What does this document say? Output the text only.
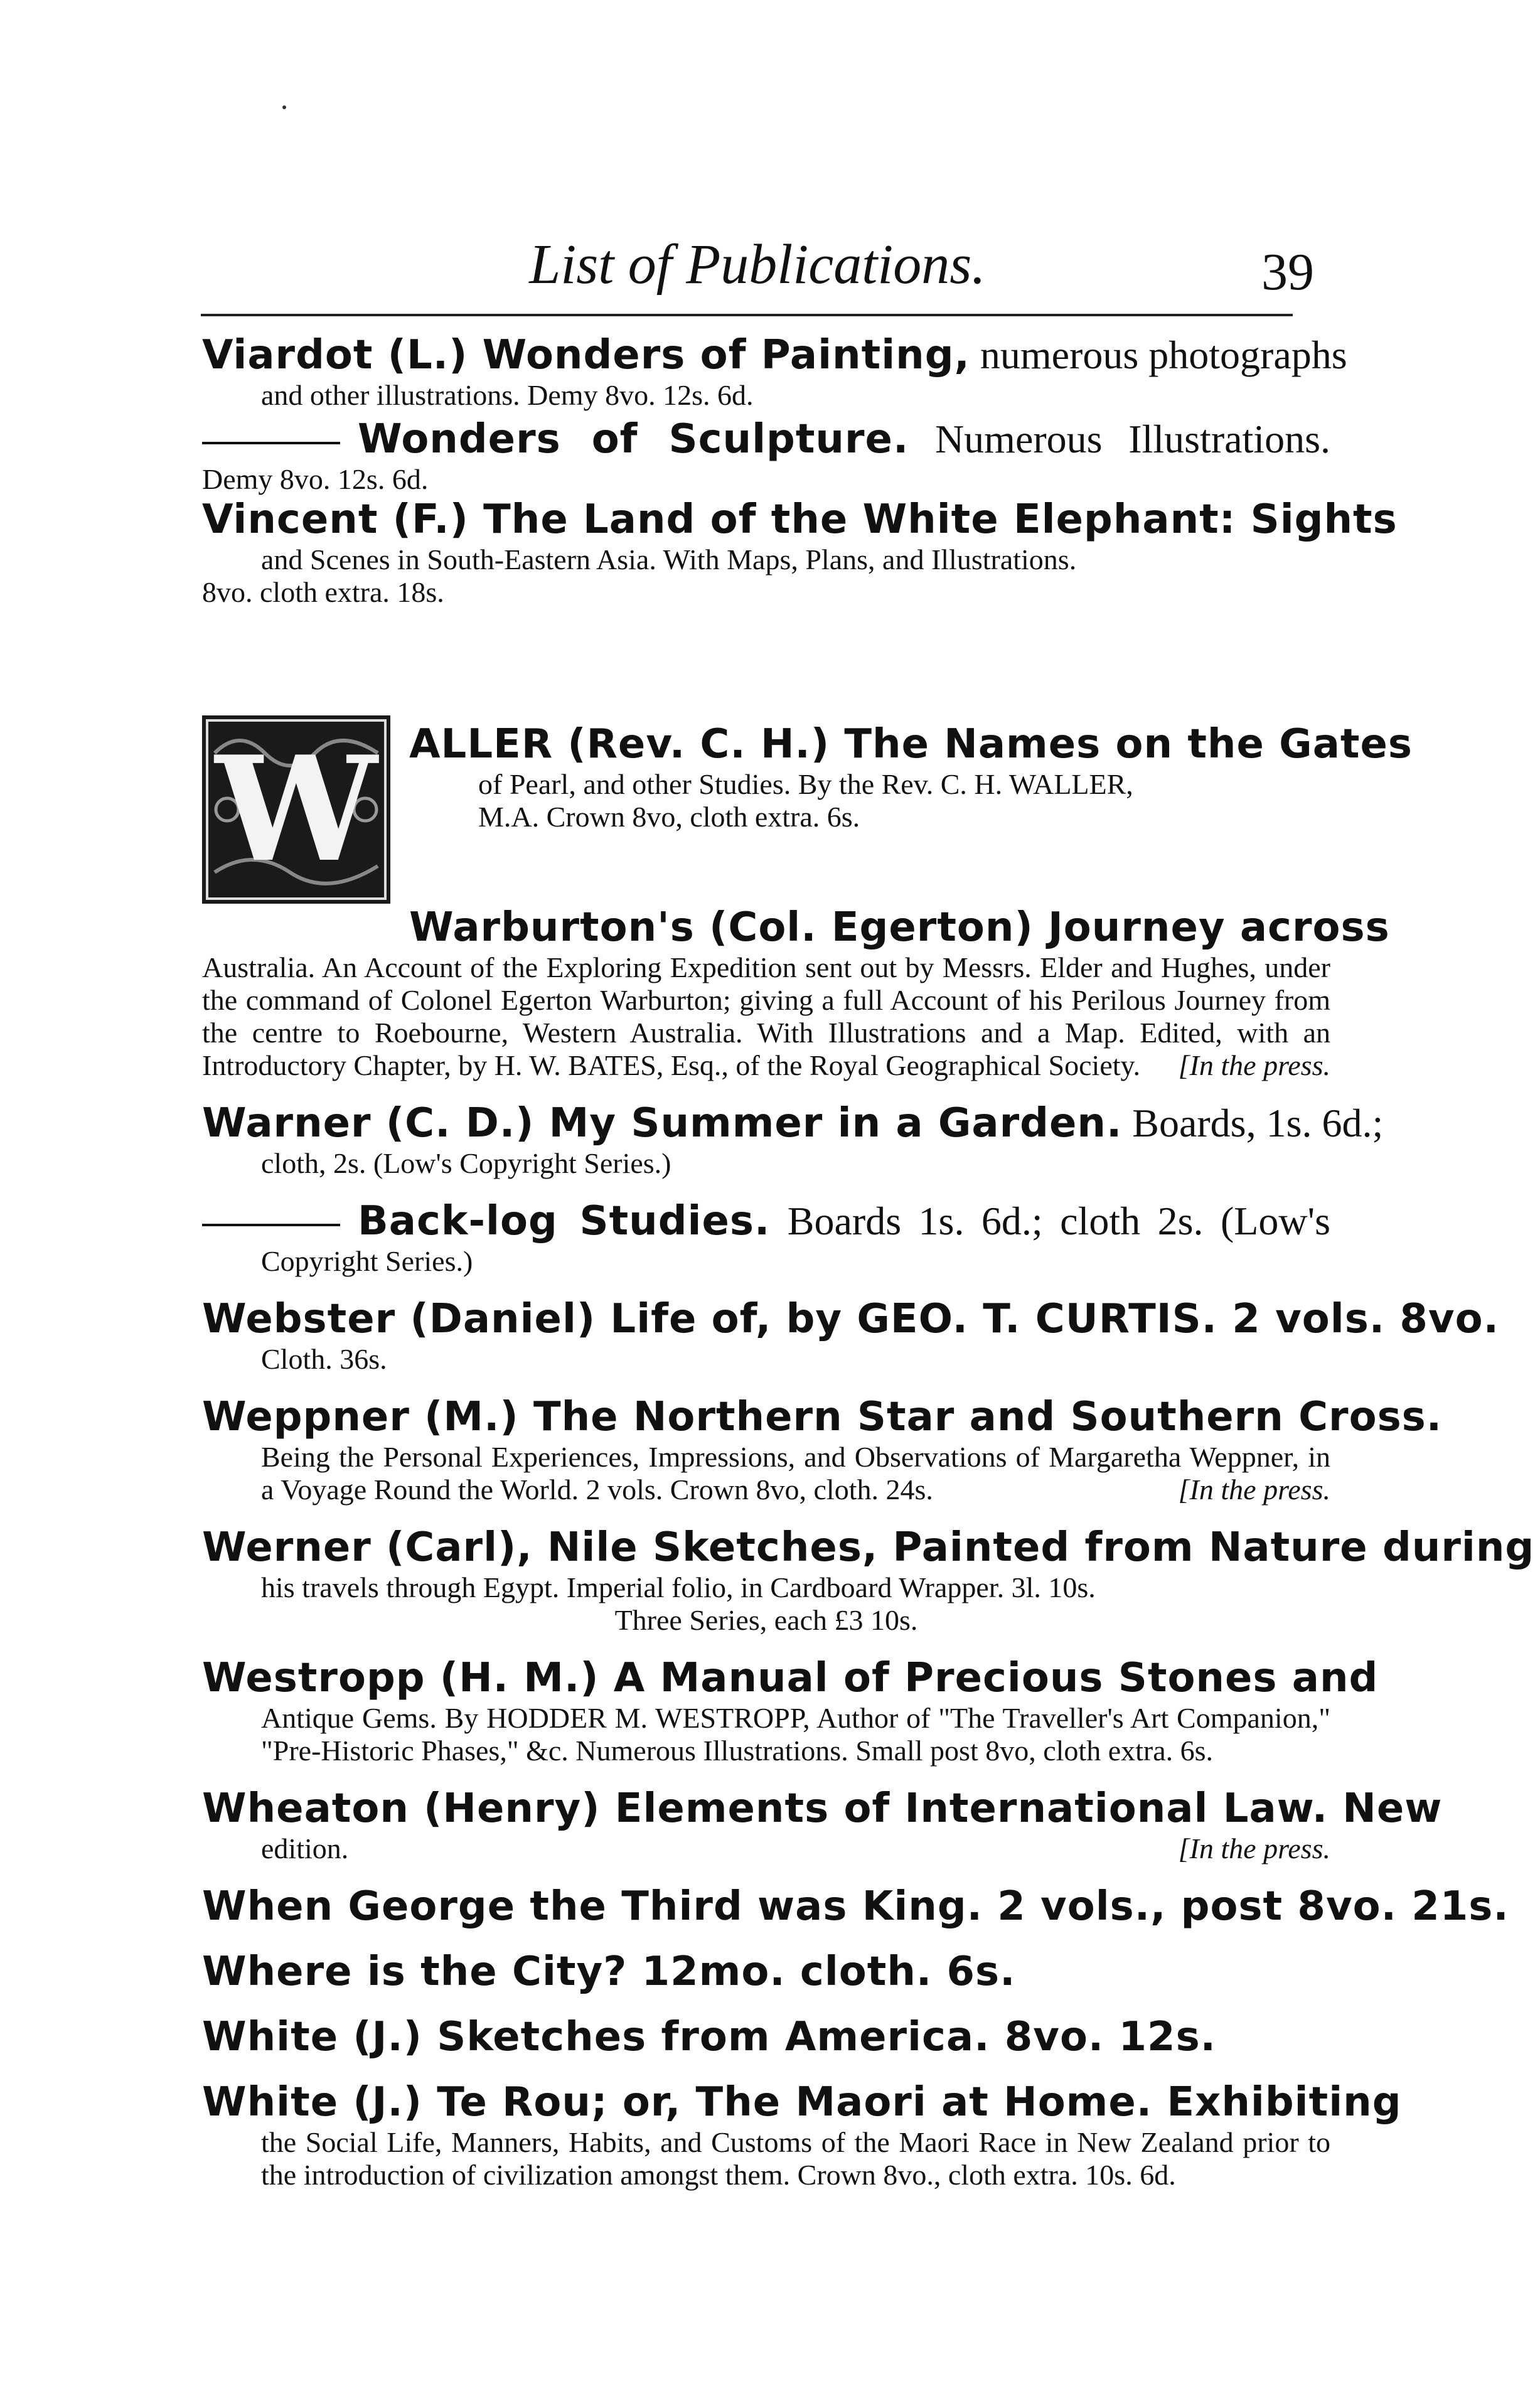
List of Publications.	39
Viardot (L.) Wonders of Painting, numerous photographs
and other illustrations. Demy 8vo. 12s. 6d.
Wonders of Sculpture. Numerous Illustrations.
Demy 8vo. 12s. 6d.
Vincent (F.) The Land of the White Elephant: Sights
and Scenes in South-Eastern Asia. With Maps, Plans, and Illustrations.
8vo. cloth extra. 18s.
W ALLER (Rev. C. H.) The Names on the Gates
of Pearl, and other Studies. By the Rev. C. H. WALLER,
M.A. Crown 8vo, cloth extra. 6s.
Warburton's (Col. Egerton) Journey across
Australia. An Account of the Exploring Expedition sent out by Messrs. Elder and Hughes, under the command of Colonel Egerton Warburton; giving a full Account of his Perilous Journey from the centre to Roebourne, Western Australia. With Illustrations and a Map. Edited, with an Introductory Chapter, by H. W. BATES, Esq., of the Royal Geographical Society. [In the press.
Warner (C. D.) My Summer in a Garden. Boards, 1s. 6d.;
cloth, 2s. (Low's Copyright Series.)
Back-log Studies. Boards 1s. 6d.; cloth 2s. (Low's
Copyright Series.)
Webster (Daniel) Life of, by GEO. T. CURTIS. 2 vols. 8vo.
Cloth. 36s.
Weppner (M.) The Northern Star and Southern Cross.
Being the Personal Experiences, Impressions, and Observations of Margaretha Weppner, in a Voyage Round the World. 2 vols. Crown 8vo, cloth. 24s.	[In the press.
Werner (Carl), Nile Sketches, Painted from Nature during
his travels through Egypt. Imperial folio, in Cardboard Wrapper. 3l. 10s.
Three Series, each £3 10s.
Westropp (H. M.) A Manual of Precious Stones and
Antique Gems. By HODDER M. WESTROPP, Author of "The Traveller's Art Companion," "Pre-Historic Phases," &c. Numerous Illustrations. Small post 8vo, cloth extra. 6s.
Wheaton (Henry) Elements of International Law. New
edition.	[In the press.
When George the Third was King. 2 vols., post 8vo. 21s.
Where is the City? 12mo. cloth. 6s.
White (J.) Sketches from America. 8vo. 12s.
White (J.) Te Rou; or, The Maori at Home. Exhibiting
the Social Life, Manners, Habits, and Customs of the Maori Race in New Zealand prior to the introduction of civilization amongst them. Crown 8vo., cloth extra. 10s. 6d.
